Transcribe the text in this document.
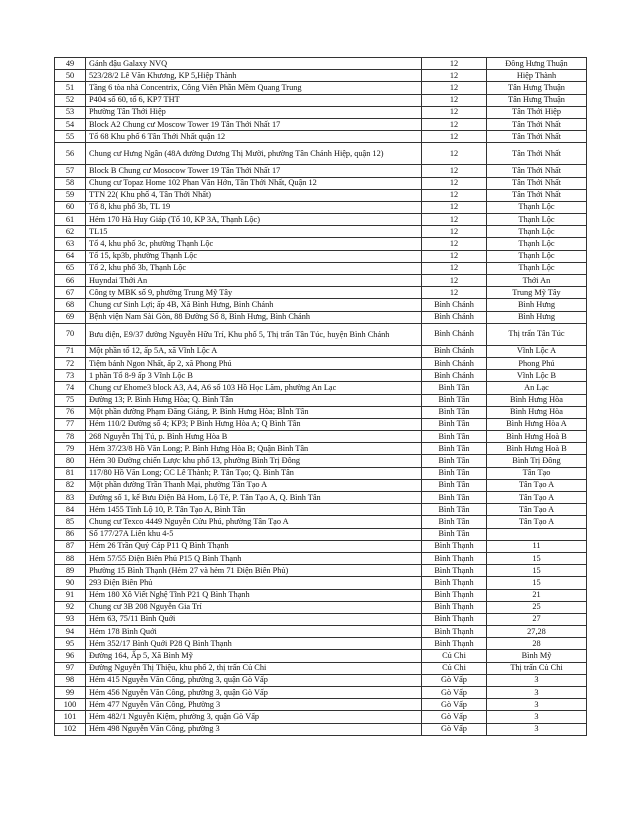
49	Gánh đậu Galaxy NVQ	12	Đông Hưng Thuận
50	523/28/2 Lê Văn Khương, KP 5,Hiệp Thành	12	Hiệp Thành
51	Tầng 6 tòa nhà Concentrix, Công Viên Phần Mềm Quang Trung	12	Tân Hưng Thuận
52	P404 số 60, tổ 6, KP7 THT	12	Tân Hưng Thuận
53	Phường Tân Thới Hiệp	12	Tân Thới Hiệp
54	Block A2 Chung cư Moscow Tower 19 Tân Thới Nhất 17	12	Tân Thới Nhất
55	Tổ 68 Khu phố 6 Tân Thới Nhất quận 12	12	Tân Thới Nhất
56	Chung cư Hưng Ngân (48A đường Dương Thị Mười, phường Tân Chánh Hiệp, quận 12)	12	Tân Thới Nhất
57	Block B Chung cư Mosocow Tower 19 Tân Thới Nhất 17	12	Tân Thới Nhất
58	Chung cư Topaz Home 102 Phan Văn Hớn, Tân Thới Nhất, Quận 12	12	Tân Thới Nhất
59	TTN 22( Khu phố 4, Tân Thới Nhất)	12	Tân Thới Nhất
60	Tổ 8, khu phố 3b, TL 19	12	Thạnh Lộc
61	Hẻm 170 Hà Huy Giáp (Tổ 10, KP 3A, Thạnh Lộc)	12	Thạnh Lộc
62	TL15	12	Thạnh Lộc
63	Tổ 4, khu phố 3c, phường Thạnh Lộc	12	Thạnh Lộc
64	Tổ 15, kp3b, phường Thạnh Lộc	12	Thạnh Lộc
65	Tổ 2, khu phố 3b, Thạnh Lộc	12	Thạnh Lộc
66	Huyndai Thới An	12	Thới An
67	Công ty MBK số 9, phường Trung Mỹ Tây	12	Trung Mỹ Tây
68	Chung cư Sinh Lợi; ấp 4B, Xã Bình Hưng, Bình Chánh	Bình Chánh	Bình Hưng
69	Bệnh viện Nam Sài Gòn, 88 Đường Số 8, Bình Hưng, Bình Chánh	Bình Chánh	Bình Hưng
70	Bưu điện, E9/37 đường Nguyễn Hữu Trí, Khu phố 5, Thị trấn Tân Túc, huyện Bình Chánh	Bình Chánh	Thị trấn Tân Túc
71	Một phần tổ 12, ấp 5A, xã Vĩnh Lộc A	Bình Chánh	Vĩnh Lộc A
72	Tiệm bánh Ngon Nhất, ấp 2, xã Phong Phú	Bình Chánh	Phong Phú
73	1 phần Tổ 8-9 ấp 3 Vĩnh Lộc B	Bình Chánh	Vĩnh Lộc B
74	Chung cư Ehome3 block A3, A4, A6 số 103 Hồ Học Lãm, phường An Lạc	Bình Tân	An Lạc
75	Đường 13; P. Bình Hưng Hòa; Q. Bình Tân	Bình Tân	Bình Hưng Hòa
76	Một phần đường Phạm Đăng Giảng, P. Bình Hưng Hòa; BÌnh Tân	Bình Tân	Bình Hưng Hòa
77	Hẻm 110/2 Đường số 4; KP3; P Bình Hưng Hòa A; Q Bình Tân	Bình Tân	Bình Hưng Hòa A
78	268 Nguyễn Thị Tú, p. Bình Hưng Hòa B	Bình Tân	Bình Hưng Hoà B
79	Hẻm 37/23/8 Hồ Văn Long; P. Bình Hưng Hòa B; Quận Bình Tân	Bình Tân	Bình Hưng Hoà B
80	Hẻm 30 Đường chiến Lược khu phố 13, phường Bình Trị Đông	Bình Tân	Bình Trị Đông
81	117/80 Hồ Văn Long; CC Lê Thành; P. Tân Tạo; Q. Bình Tân	Bình Tân	Tân Tạo
82	Một phần đường Trần Thanh Mại, phường Tân Tạo A	Bình Tân	Tân Tạo A
83	Đường số 1, kế Bưu Điện Bà Hom, Lộ Tẻ, P. Tân Tạo A, Q. Bình Tân	Bình Tân	Tân Tạo A
84	Hẻm 1455 Tỉnh Lộ 10, P. Tân Tạo A, Bình Tân	Bình Tân	Tân Tạo A
85	Chung cư Texco 4449 Nguyễn Cửu Phú, phường Tân Tạo A	Bình Tân	Tân Tạo A
86	Số 177/27A Liên khu 4-5	Bình Tân	
87	Hẻm 26 Trần Quý Cáp P11 Q Bình Thạnh	Bình Thạnh	11
88	Hẻm 57/55 Điện Biên Phủ P15 Q Bình Thạnh	Bình Thạnh	15
89	Phường 15 Bình Thạnh (Hẻm 27 và hẻm 71 Điện Biên Phủ)	Bình Thạnh	15
90	293 Điện Biên Phủ	Bình Thạnh	15
91	Hẻm 180 Xô Viết Nghệ Tĩnh P21 Q Bình Thạnh	Bình Thạnh	21
92	Chung cư 3B 208 Nguyễn Gia Trí	Bình Thạnh	25
93	Hẻm 63, 75/11 Bình Quới	Bình Thạnh	27
94	Hẻm 178 Bình Quới	Bình Thạnh	27,28
95	Hẻm 352/17 Bình Quới P28 Q Bình Thạnh	Bình Thạnh	28
96	Đường 164, Ấp 5, Xã Bình Mỹ	Củ Chi	Bình Mỹ
97	Đường Nguyễn Thị Thiệu, khu phố 2, thị trấn Củ Chi	Củ Chi	Thị trấn Củ Chi
98	Hẻm 415 Nguyễn Văn Công, phường 3, quận Gò Vấp	Gò Vấp	3
99	Hẻm 456 Nguyễn Văn Công, phường 3, quận Gò Vấp	Gò Vấp	3
100	Hẻm 477 Nguyễn Văn Công, Phường 3	Gò Vấp	3
101	Hẻm 482/1 Nguyễn Kiệm, phường 3, quận Gò Vấp	Gò Vấp	3
102	Hẻm 498 Nguyễn Văn Công, phường 3	Gò Vấp	3
